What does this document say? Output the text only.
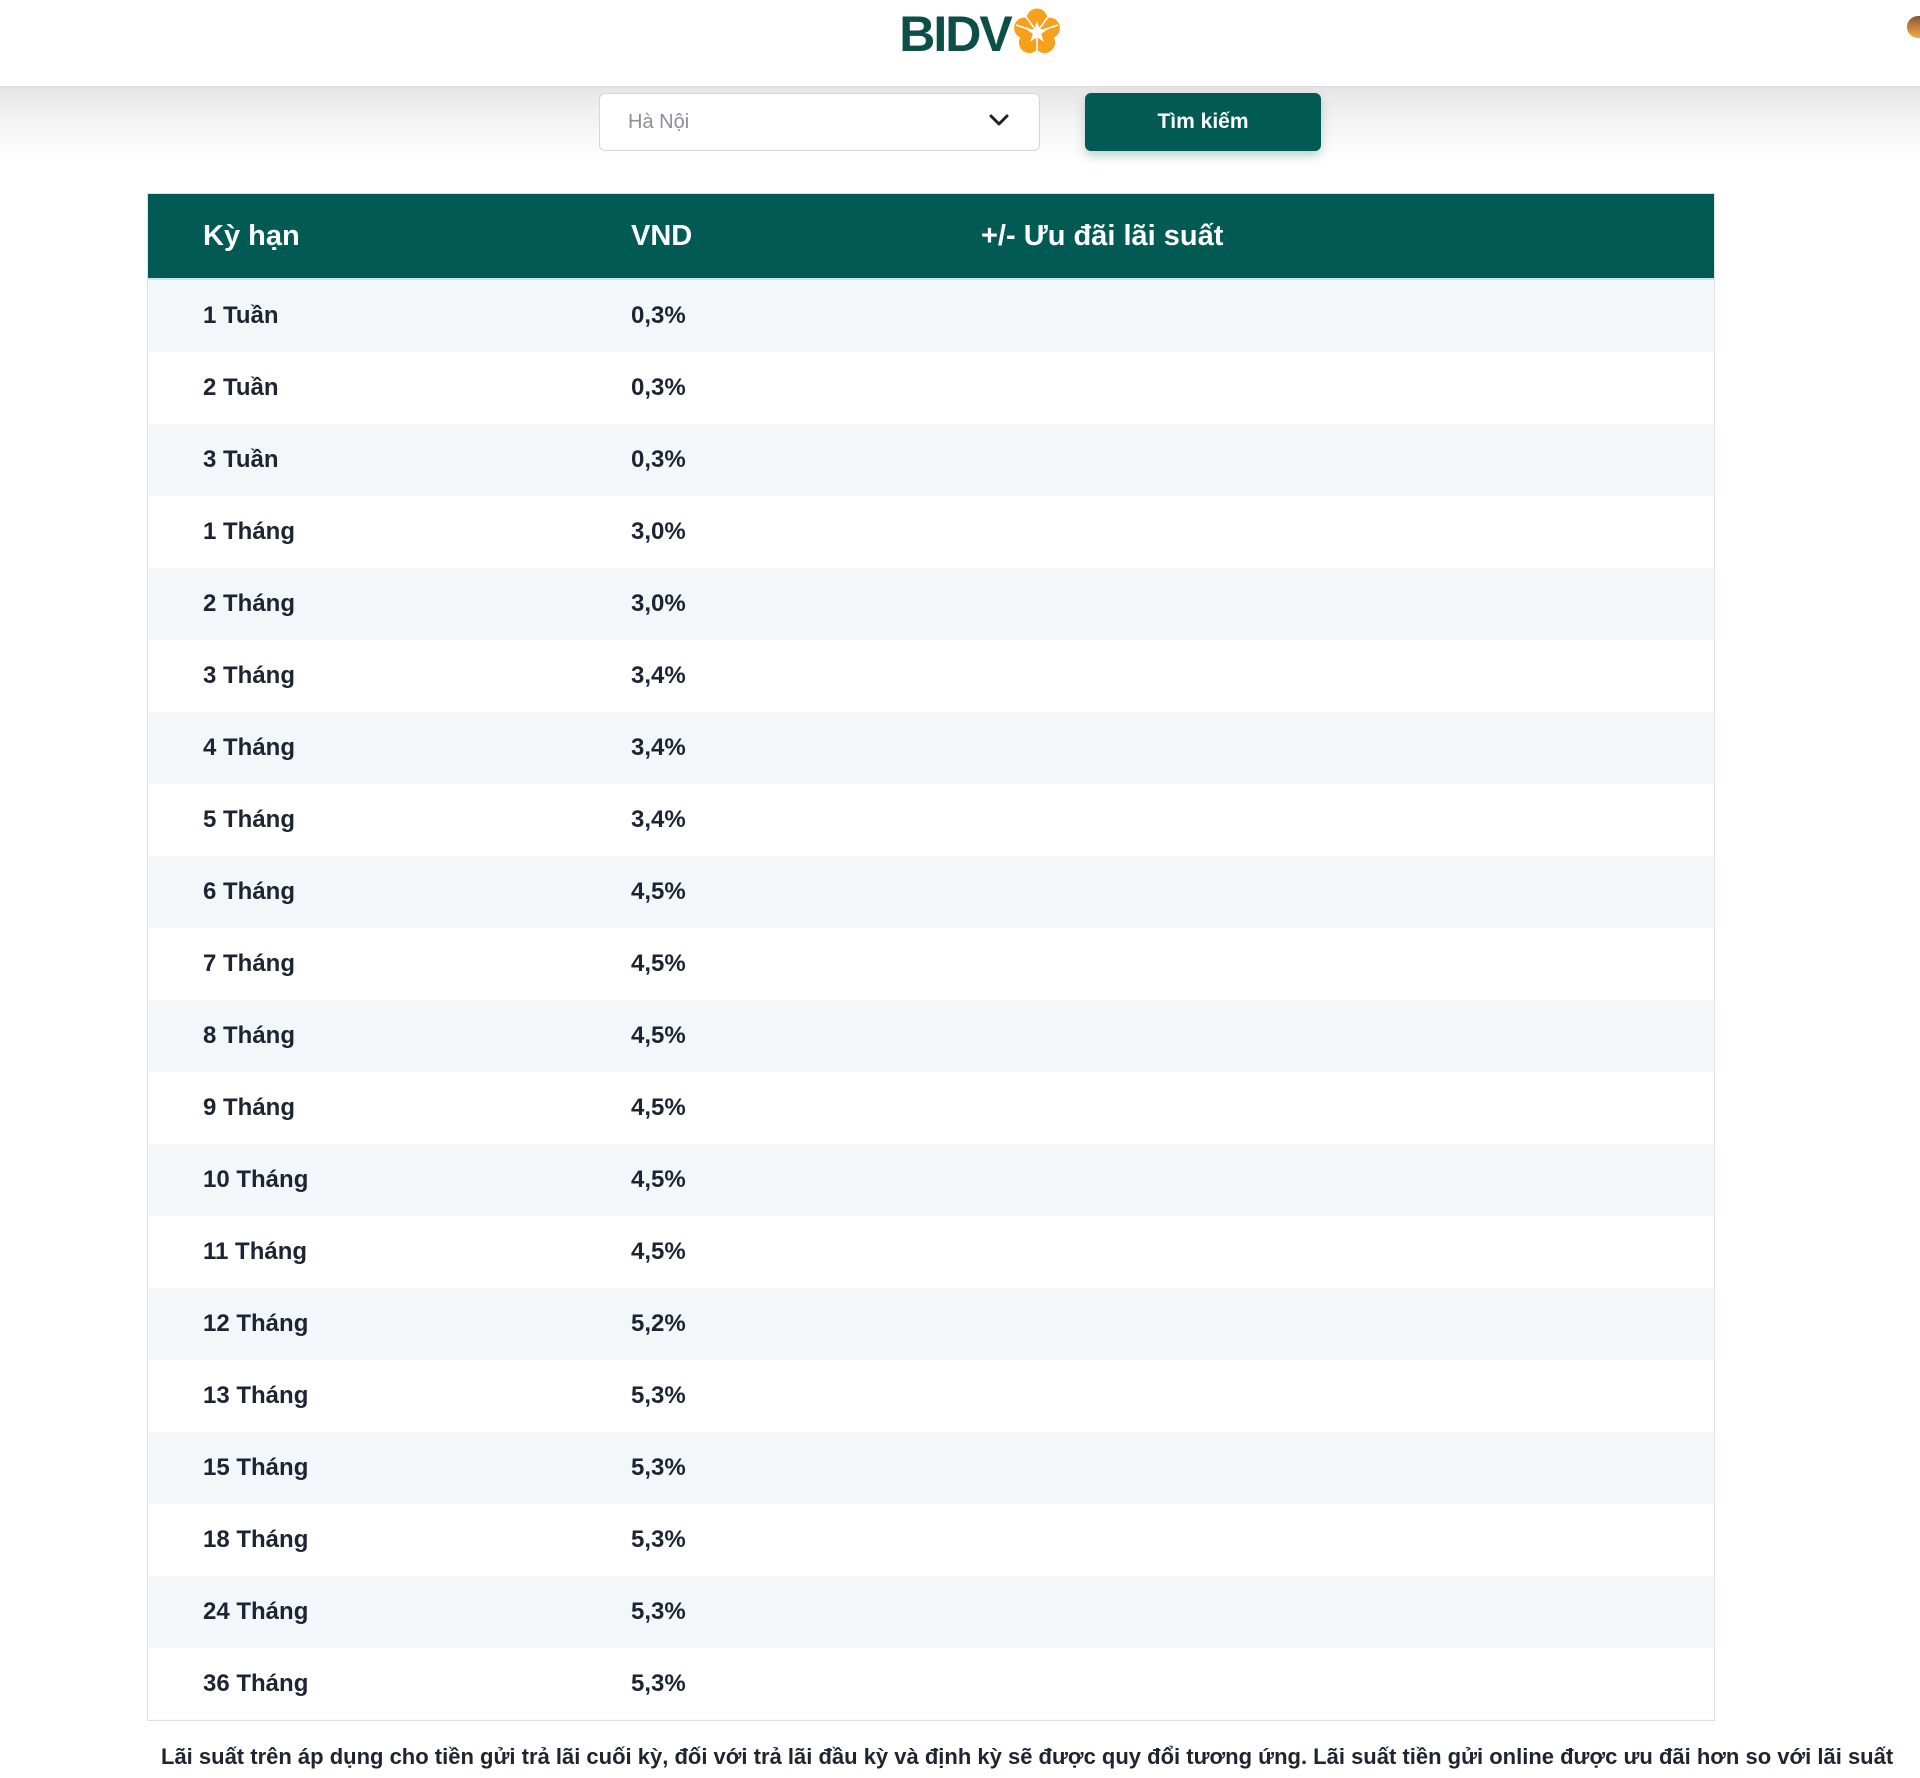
BIDV
Hà Nội	Tìm kiếm
Kỳ hạn	VND	+/- Ưu đãi lãi suất
1 Tuần	0,3%	
2 Tuần	0,3%	
3 Tuần	0,3%	
1 Tháng	3,0%	
2 Tháng	3,0%	
3 Tháng	3,4%	
4 Tháng	3,4%	
5 Tháng	3,4%	
6 Tháng	4,5%	
7 Tháng	4,5%	
8 Tháng	4,5%	
9 Tháng	4,5%	
10 Tháng	4,5%	
11 Tháng	4,5%	
12 Tháng	5,2%	
13 Tháng	5,3%	
15 Tháng	5,3%	
18 Tháng	5,3%	
24 Tháng	5,3%	
36 Tháng	5,3%	
Lãi suất trên áp dụng cho tiền gửi trả lãi cuối kỳ, đối với trả lãi đầu kỳ và định kỳ sẽ được quy đổi tương ứng. Lãi suất tiền gửi online được ưu đãi hơn so với lãi suất
